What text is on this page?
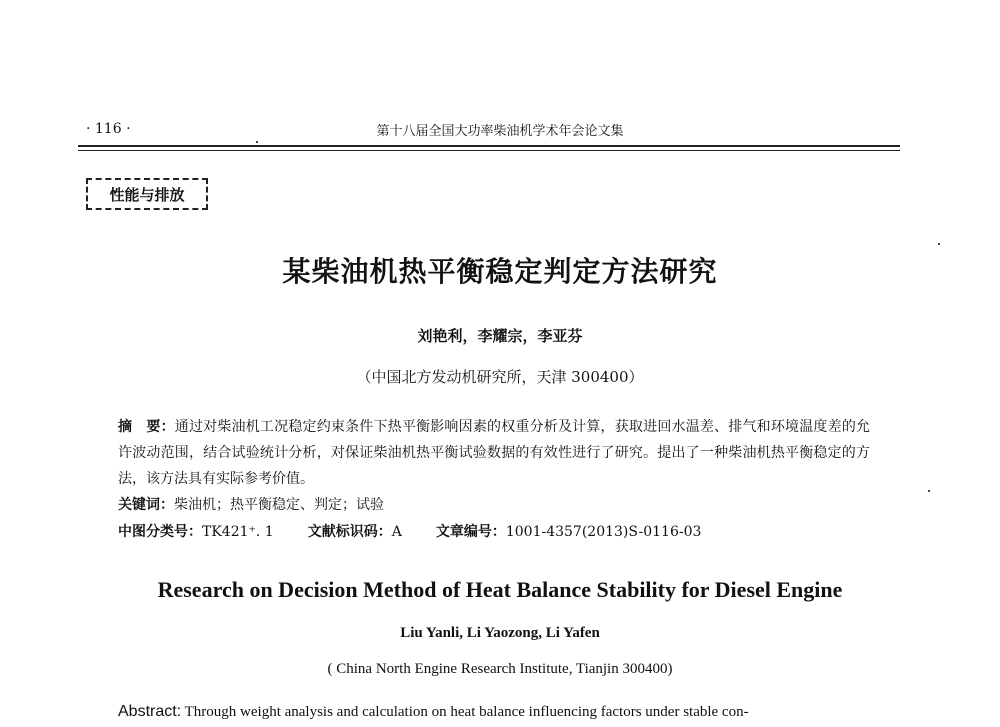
· 116 ·	第十八届全国大功率柴油机学术年会论文集
性能与排放
某柴油机热平衡稳定判定方法研究
刘艳利，李耀宗，李亚芬
（中国北方发动机研究所，天津 300400）
摘　要：通过对柴油机工况稳定约束条件下热平衡影响因素的权重分析及计算，获取进回水温差、排气和环境温度差的允许波动范围，结合试验统计分析，对保证柴油机热平衡试验数据的有效性进行了研究。提出了一种柴油机热平衡稳定的方法，该方法具有实际参考价值。
关键词：柴油机；热平衡稳定、判定；试验
中图分类号：TK421⁺. 1 文献标识码：A 文章编号：1001-4357(2013)S-0116-03
Research on Decision Method of Heat Balance Stability for Diesel Engine
Liu Yanli, Li Yaozong, Li Yafen
( China North Engine Research Institute, Tianjin 300400)
Abstract: Through weight analysis and calculation on heat balance influencing factors under stable con-
